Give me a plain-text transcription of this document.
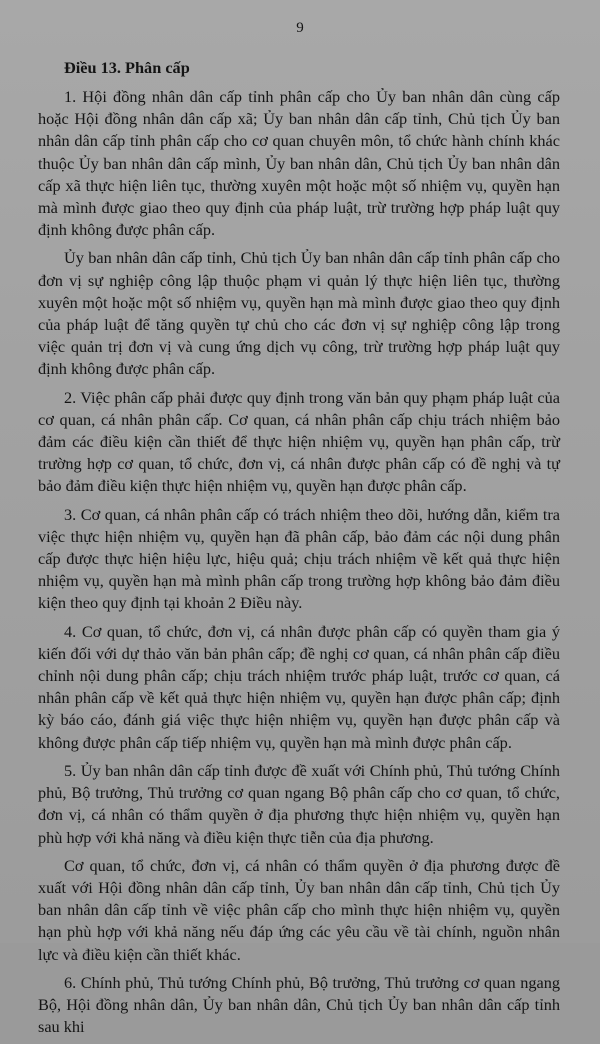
9
Điều 13. Phân cấp

1. Hội đồng nhân dân cấp tỉnh phân cấp cho Ủy ban nhân dân cùng cấp hoặc Hội đồng nhân dân cấp xã; Ủy ban nhân dân cấp tỉnh, Chủ tịch Ủy ban nhân dân cấp tỉnh phân cấp cho cơ quan chuyên môn, tổ chức hành chính khác thuộc Ủy ban nhân dân cấp mình, Ủy ban nhân dân, Chủ tịch Ủy ban nhân dân cấp xã thực hiện liên tục, thường xuyên một hoặc một số nhiệm vụ, quyền hạn mà mình được giao theo quy định của pháp luật, trừ trường hợp pháp luật quy định không được phân cấp.

Ủy ban nhân dân cấp tỉnh, Chủ tịch Ủy ban nhân dân cấp tỉnh phân cấp cho đơn vị sự nghiệp công lập thuộc phạm vi quản lý thực hiện liên tục, thường xuyên một hoặc một số nhiệm vụ, quyền hạn mà mình được giao theo quy định của pháp luật để tăng quyền tự chủ cho các đơn vị sự nghiệp công lập trong việc quản trị đơn vị và cung ứng dịch vụ công, trừ trường hợp pháp luật quy định không được phân cấp.

2. Việc phân cấp phải được quy định trong văn bản quy phạm pháp luật của cơ quan, cá nhân phân cấp. Cơ quan, cá nhân phân cấp chịu trách nhiệm bảo đảm các điều kiện cần thiết để thực hiện nhiệm vụ, quyền hạn phân cấp, trừ trường hợp cơ quan, tổ chức, đơn vị, cá nhân được phân cấp có đề nghị và tự bảo đảm điều kiện thực hiện nhiệm vụ, quyền hạn được phân cấp.

3. Cơ quan, cá nhân phân cấp có trách nhiệm theo dõi, hướng dẫn, kiểm tra việc thực hiện nhiệm vụ, quyền hạn đã phân cấp, bảo đảm các nội dung phân cấp được thực hiện hiệu lực, hiệu quả; chịu trách nhiệm về kết quả thực hiện nhiệm vụ, quyền hạn mà mình phân cấp trong trường hợp không bảo đảm điều kiện theo quy định tại khoản 2 Điều này.

4. Cơ quan, tổ chức, đơn vị, cá nhân được phân cấp có quyền tham gia ý kiến đối với dự thảo văn bản phân cấp; đề nghị cơ quan, cá nhân phân cấp điều chỉnh nội dung phân cấp; chịu trách nhiệm trước pháp luật, trước cơ quan, cá nhân phân cấp về kết quả thực hiện nhiệm vụ, quyền hạn được phân cấp; định kỳ báo cáo, đánh giá việc thực hiện nhiệm vụ, quyền hạn được phân cấp và không được phân cấp tiếp nhiệm vụ, quyền hạn mà mình được phân cấp.

5. Ủy ban nhân dân cấp tỉnh được đề xuất với Chính phủ, Thủ tướng Chính phủ, Bộ trưởng, Thủ trưởng cơ quan ngang Bộ phân cấp cho cơ quan, tổ chức, đơn vị, cá nhân có thẩm quyền ở địa phương thực hiện nhiệm vụ, quyền hạn phù hợp với khả năng và điều kiện thực tiễn của địa phương.

Cơ quan, tổ chức, đơn vị, cá nhân có thẩm quyền ở địa phương được đề xuất với Hội đồng nhân dân cấp tỉnh, Ủy ban nhân dân cấp tỉnh, Chủ tịch Ủy ban nhân dân cấp tỉnh về việc phân cấp cho mình thực hiện nhiệm vụ, quyền hạn phù hợp với khả năng nếu đáp ứng các yêu cầu về tài chính, nguồn nhân lực và điều kiện cần thiết khác.

6. Chính phủ, Thủ tướng Chính phủ, Bộ trưởng, Thủ trưởng cơ quan ngang Bộ, Hội đồng nhân dân, Ủy ban nhân dân, Chủ tịch Ủy ban nhân dân cấp tỉnh sau khi
